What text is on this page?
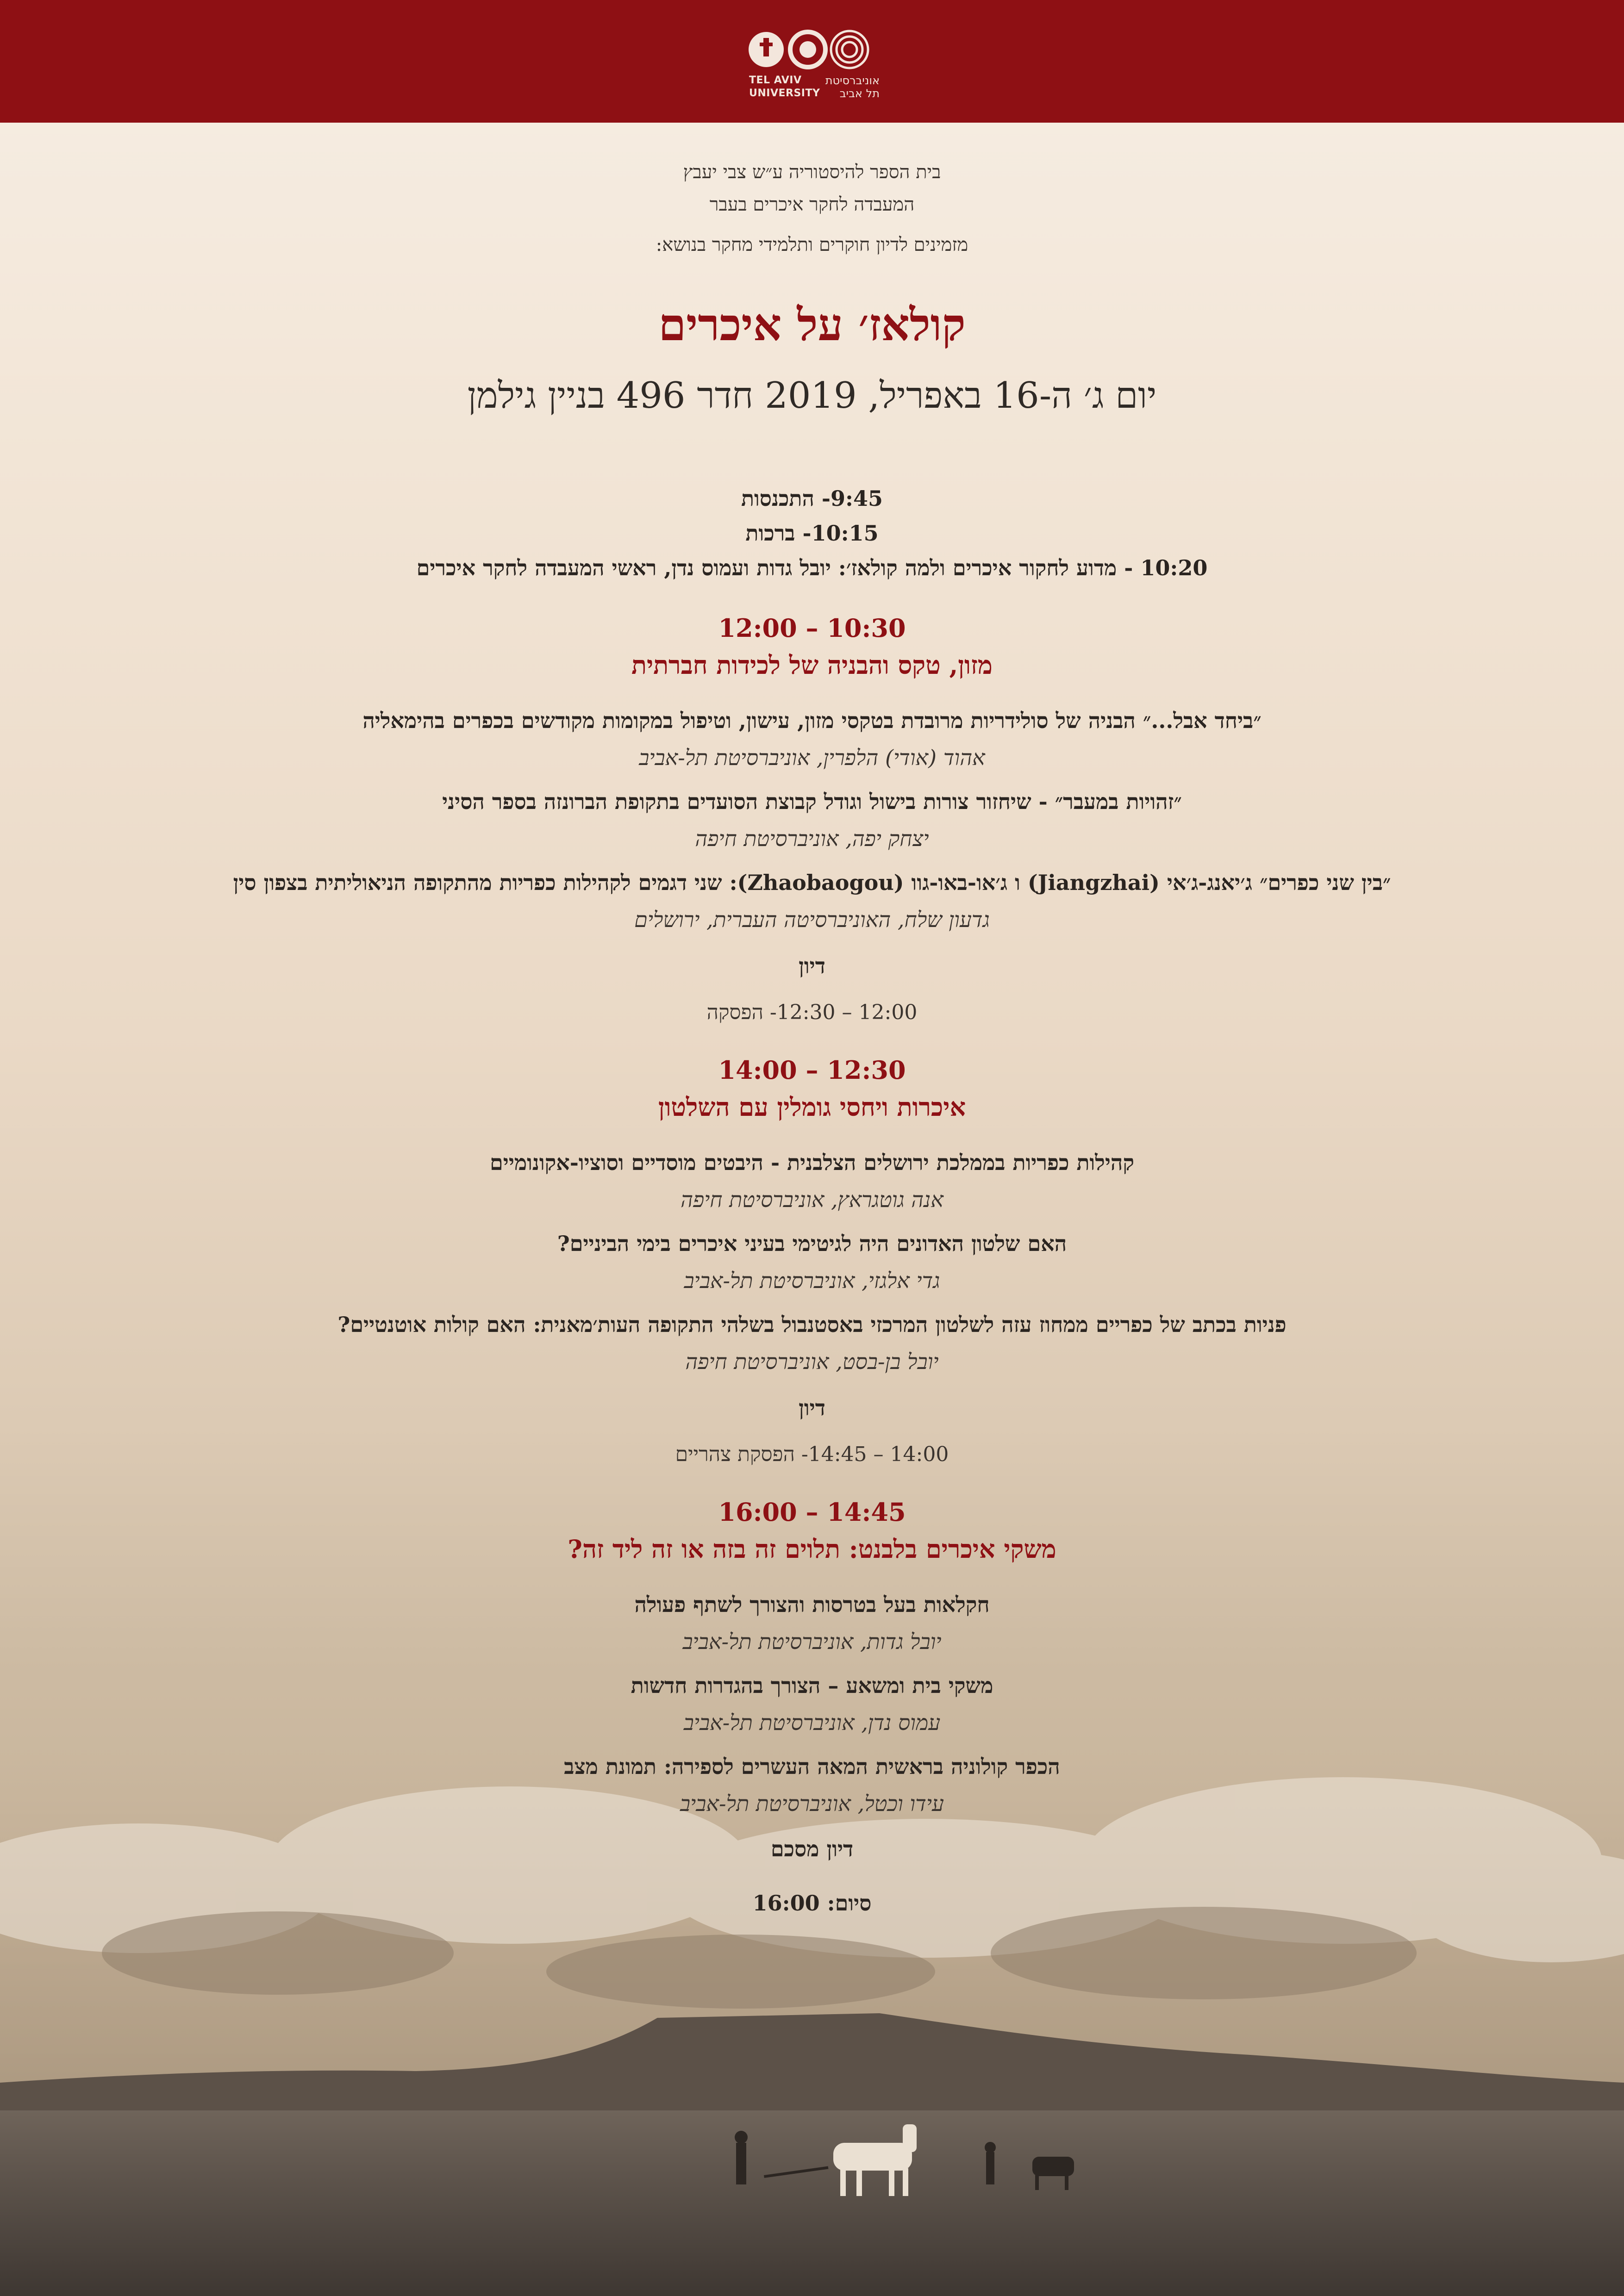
TEL AVIV
UNIVERSITY
אוניברסיטת
תל אביב
בית הספר להיסטוריה ע״ש צבי יעבץ
המעבדה לחקר איכרים בעבר
מזמינים לדיון חוקרים ותלמידי מחקר בנושא:
קולאז׳ על איכרים
יום ג׳ ה-16 באפריל, 2019 חדר 496 בניין גילמן
9:45- התכנסות
10:15- ברכות
10:20 - מדוע לחקור איכרים ולמה קולאז׳: יובל גדות ועמוס נדן, ראשי המעבדה לחקר איכרים
10:30 – 12:00
מזון, טקס והבניה של לכידות חברתית
״ביחד אבל...״ הבניה של סולידריות מרובדת בטקסי מזון, עישון, וטיפול במקומות מקודשים בכפרים בהימאליה
אהוד (אודי) הלפרין, אוניברסיטת תל-אביב
״זהויות במעבר״ - שיחזור צורות בישול וגודל קבוצת הסועדים בתקופת הברונזה בספר הסיני
יצחק יפה, אוניברסיטת חיפה
״בין שני כפרים״ ג׳יאנג-ג׳אי (Jiangzhai) ו ג׳או-באו-גוו (Zhaobaogou): שני דגמים לקהילות כפריות מהתקופה הניאוליתית בצפון סין
גדעון שלח, האוניברסיטה העברית, ירושלים
דיון
12:00 – 12:30- הפסקה
12:30 – 14:00
איכרות ויחסי גומלין עם השלטון
קהילות כפריות בממלכת ירושלים הצלבנית - היבטים מוסדיים וסוציו-אקונומיים
אנה גוטגראץ, אוניברסיטת חיפה
האם שלטון האדונים היה לגיטימי בעיני איכרים בימי הביניים?
גדי אלגזי, אוניברסיטת תל-אביב
פניות בכתב של כפריים ממחוז עזה לשלטון המרכזי באסטנבול בשלהי התקופה העות׳מאנית: האם קולות אוטנטיים?
יובל בן-בסט, אוניברסיטת חיפה
דיון
14:00 – 14:45- הפסקת צהריים
14:45 – 16:00
משקי איכרים בלבנט: תלוים זה בזה או זה ליד זה?
חקלאות בעל בטרסות והצורך לשתף פעולה
יובל גדות, אוניברסיטת תל-אביב
משקי בית ומשאע – הצורך בהגדרות חדשות
עמוס נדן, אוניברסיטת תל-אביב
הכפר קולוניה בראשית המאה העשרים לספירה: תמונת מצב
עידו וכטל, אוניברסיטת תל-אביב
דיון מסכם
סיום: 16:00
